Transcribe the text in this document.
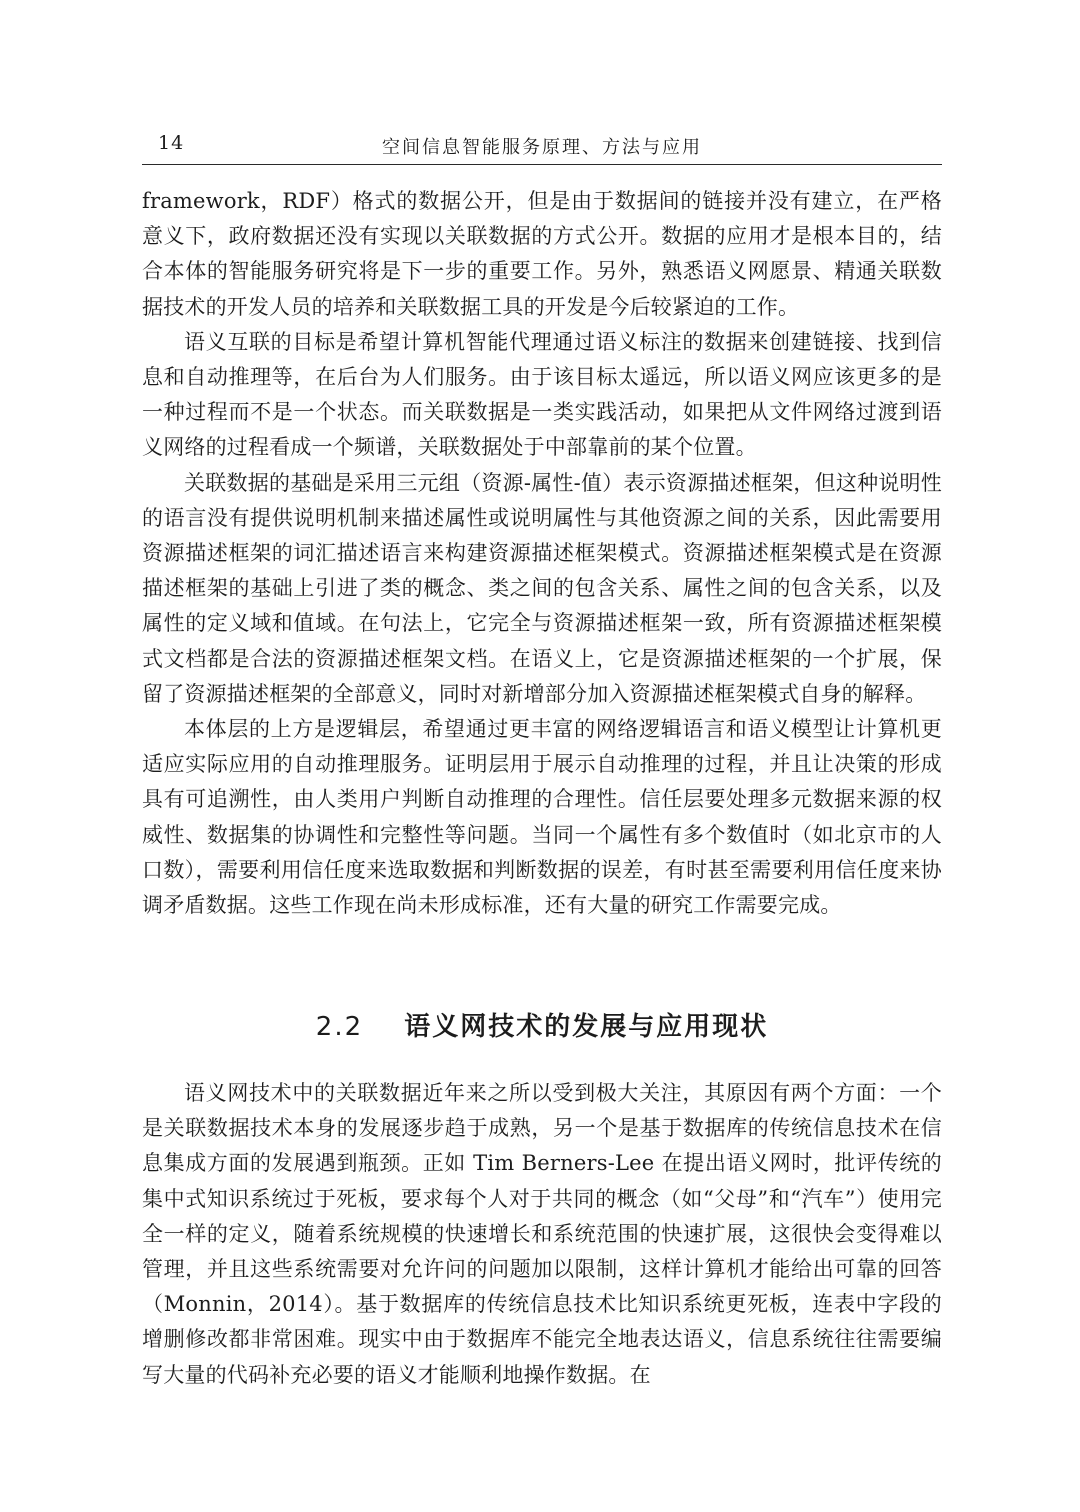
14	空间信息智能服务原理、方法与应用

framework，RDF）格式的数据公开，但是由于数据间的链接并没有建立，在严格意义下，政府数据还没有实现以关联数据的方式公开。数据的应用才是根本目的，结合本体的智能服务研究将是下一步的重要工作。另外，熟悉语义网愿景、精通关联数据技术的开发人员的培养和关联数据工具的开发是今后较紧迫的工作。

语义互联的目标是希望计算机智能代理通过语义标注的数据来创建链接、找到信息和自动推理等，在后台为人们服务。由于该目标太遥远，所以语义网应该更多的是一种过程而不是一个状态。而关联数据是一类实践活动，如果把从文件网络过渡到语义网络的过程看成一个频谱，关联数据处于中部靠前的某个位置。

关联数据的基础是采用三元组（资源-属性-值）表示资源描述框架，但这种说明性的语言没有提供说明机制来描述属性或说明属性与其他资源之间的关系，因此需要用资源描述框架的词汇描述语言来构建资源描述框架模式。资源描述框架模式是在资源描述框架的基础上引进了类的概念、类之间的包含关系、属性之间的包含关系，以及属性的定义域和值域。在句法上，它完全与资源描述框架一致，所有资源描述框架模式文档都是合法的资源描述框架文档。在语义上，它是资源描述框架的一个扩展，保留了资源描述框架的全部意义，同时对新增部分加入资源描述框架模式自身的解释。

本体层的上方是逻辑层，希望通过更丰富的网络逻辑语言和语义模型让计算机更适应实际应用的自动推理服务。证明层用于展示自动推理的过程，并且让决策的形成具有可追溯性，由人类用户判断自动推理的合理性。信任层要处理多元数据来源的权威性、数据集的协调性和完整性等问题。当同一个属性有多个数值时（如北京市的人口数），需要利用信任度来选取数据和判断数据的误差，有时甚至需要利用信任度来协调矛盾数据。这些工作现在尚未形成标准，还有大量的研究工作需要完成。

2.2 语义网技术的发展与应用现状

语义网技术中的关联数据近年来之所以受到极大关注，其原因有两个方面：一个是关联数据技术本身的发展逐步趋于成熟，另一个是基于数据库的传统信息技术在信息集成方面的发展遇到瓶颈。正如 Tim Berners-Lee 在提出语义网时，批评传统的集中式知识系统过于死板，要求每个人对于共同的概念（如“父母”和“汽车”）使用完全一样的定义，随着系统规模的快速增长和系统范围的快速扩展，这很快会变得难以管理，并且这些系统需要对允许问的问题加以限制，这样计算机才能给出可靠的回答（Monnin，2014）。基于数据库的传统信息技术比知识系统更死板，连表中字段的增删修改都非常困难。现实中由于数据库不能完全地表达语义，信息系统往往需要编写大量的代码补充必要的语义才能顺利地操作数据。在
